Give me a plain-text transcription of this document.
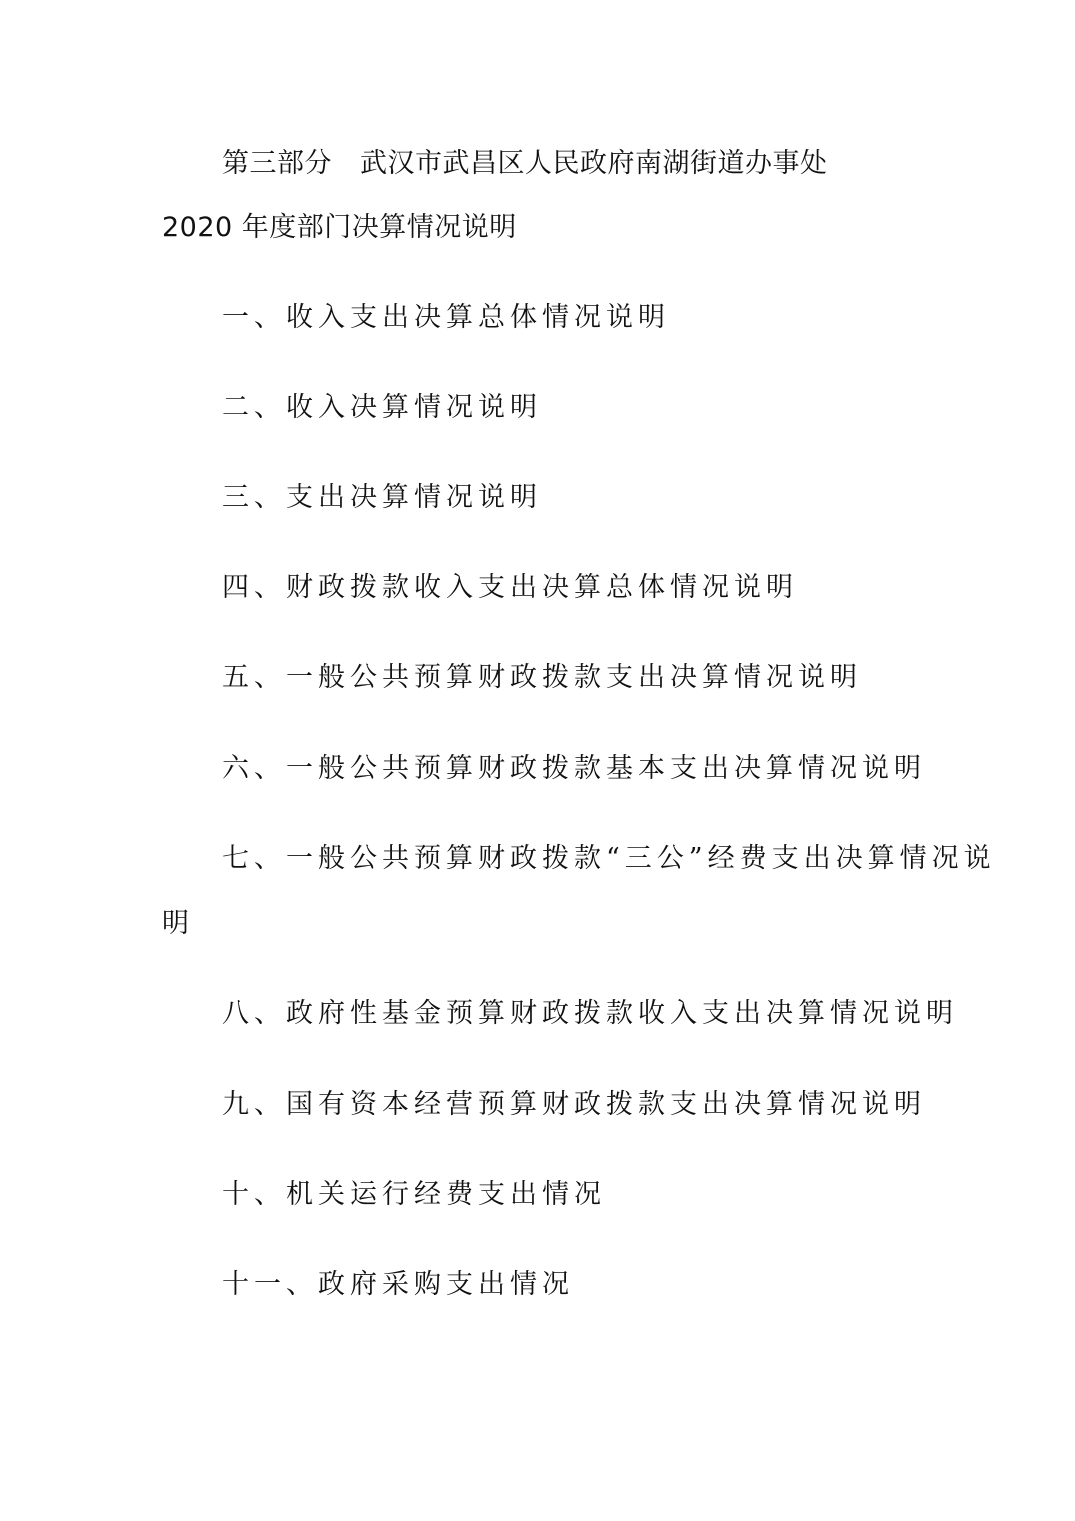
第三部分 武汉市武昌区人民政府南湖街道办事处
2020 年度部门决算情况说明
一、收入支出决算总体情况说明
二、收入决算情况说明
三、支出决算情况说明
四、财政拨款收入支出决算总体情况说明
五、一般公共预算财政拨款支出决算情况说明
六、一般公共预算财政拨款基本支出决算情况说明
七、一般公共预算财政拨款“三公”经费支出决算情况说
明
八、政府性基金预算财政拨款收入支出决算情况说明
九、国有资本经营预算财政拨款支出决算情况说明
十、机关运行经费支出情况
十一、政府采购支出情况
